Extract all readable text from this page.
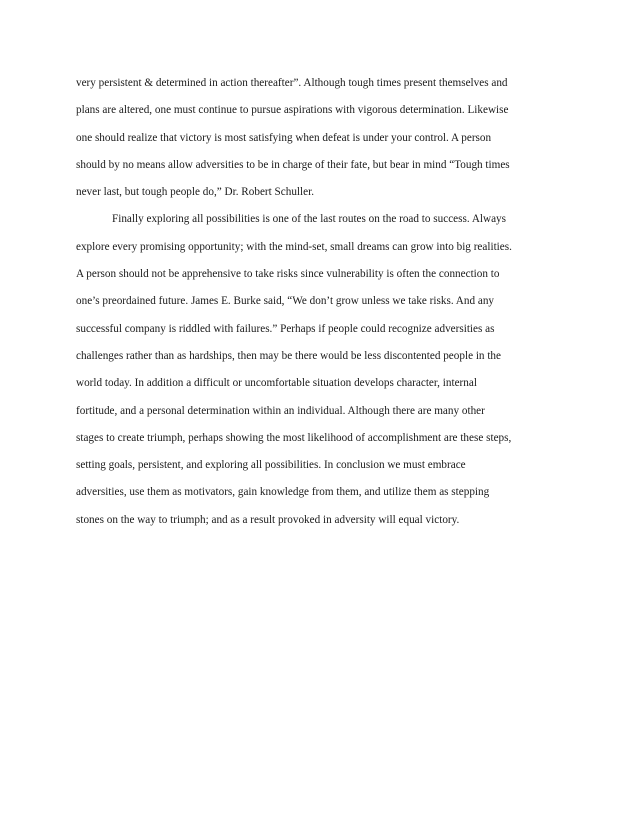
very persistent & determined in action thereafter”. Although tough times present themselves and
plans are altered, one must continue to pursue aspirations with vigorous determination. Likewise
one should realize that victory is most satisfying when defeat is under your control. A person
should by no means allow adversities to be in charge of their fate, but bear in mind “Tough times
never last, but tough people do,” Dr. Robert Schuller.

Finally exploring all possibilities is one of the last routes on the road to success. Always
explore every promising opportunity; with the mind-set, small dreams can grow into big realities.
A person should not be apprehensive to take risks since vulnerability is often the connection to
one’s preordained future. James E. Burke said, “We don’t grow unless we take risks. And any
successful company is riddled with failures.” Perhaps if people could recognize adversities as
challenges rather than as hardships, then may be there would be less discontented people in the
world today. In addition a difficult or uncomfortable situation develops character, internal
fortitude, and a personal determination within an individual. Although there are many other
stages to create triumph, perhaps showing the most likelihood of accomplishment are these steps,
setting goals, persistent, and exploring all possibilities. In conclusion we must embrace
adversities, use them as motivators, gain knowledge from them, and utilize them as stepping
stones on the way to triumph; and as a result provoked in adversity will equal victory.
